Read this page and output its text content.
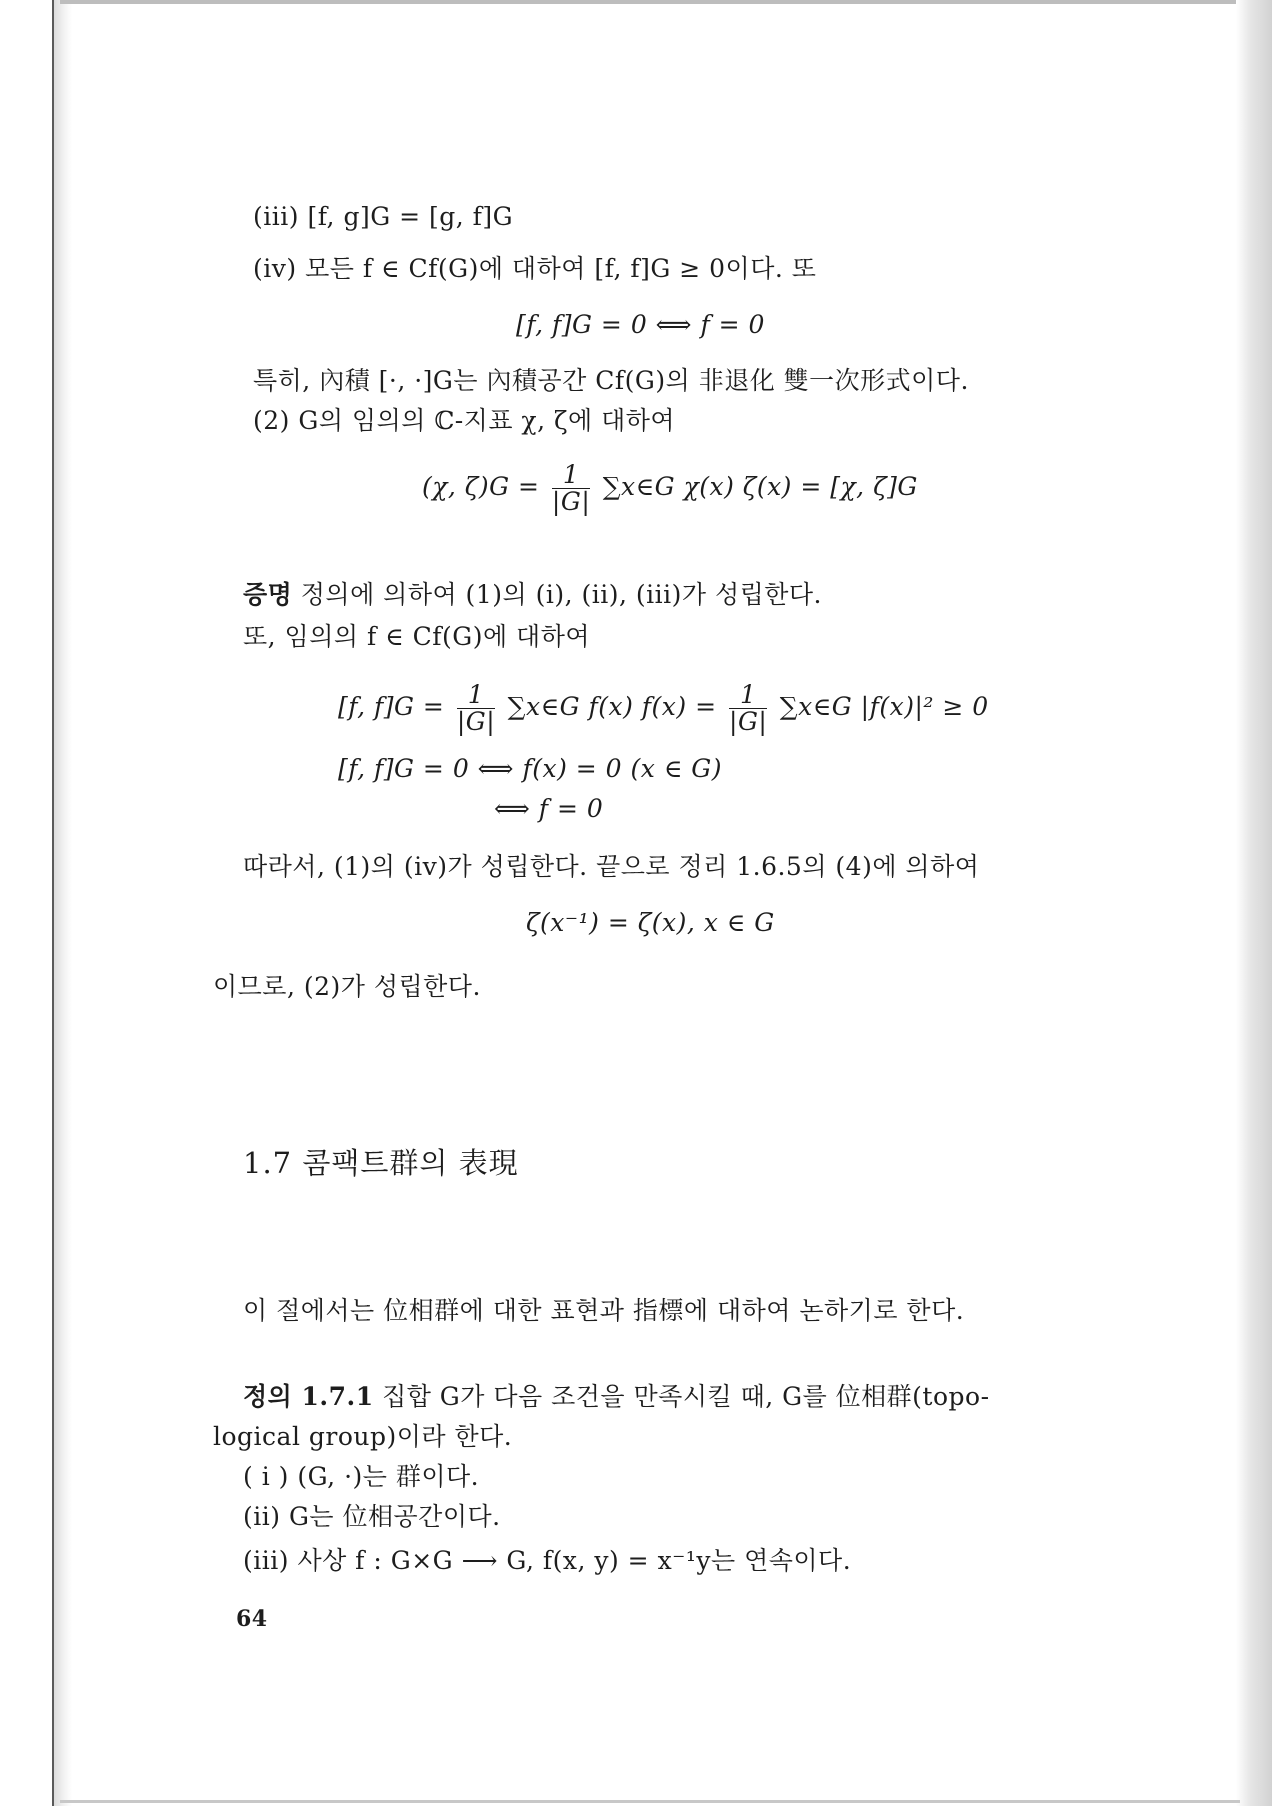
(iii) [f, g]G = [g, f]G
(iv) 모든 f ∈ Cf(G)에 대하여 [f, f]G ≥ 0이다. 또
[f, f]G = 0 ⟺ f = 0
특히, 內積 [·, ·]G는 內積공간 Cf(G)의 非退化 雙一次形式이다.
(2) G의 임의의 ℂ-지표 χ, ζ에 대하여
(χ, $\zeta)G = \frac{1}{|G|}$ ∑x∈G χ(x) ζ(x) = [χ, ζ]G
증명 정의에 의하여 (1)의 (i), (ii), (iii)가 성립한다.
또, 임의의 f ∈ Cf(G)에 대하여
[f, $f]G = \frac{1}{|G|}$ ∑x∈G f(x) $f(x) = \frac{1}{|G|}$ ∑x∈G |f(x)|² ≥ 0
[f, f]G = 0 ⟺ f(x) = 0 (x ∈ G)
⟺ f = 0
따라서, (1)의 (iv)가 성립한다. 끝으로 정리 1.6.5의 (4)에 의하여
ζ(x⁻¹) = ζ(x), x ∈ G
이므로, (2)가 성립한다.
1.7 콤팩트群의 表現
이 절에서는 位相群에 대한 표현과 指標에 대하여 논하기로 한다.
정의 1.7.1 집합 G가 다음 조건을 만족시킬 때, G를 位相群(topo-
logical group)이라 한다.
( i ) (G, ·)는 群이다.
(ii) G는 位相공간이다.
(iii) 사상 f : G×G ⟶ G, f(x, y) = x⁻¹y는 연속이다.
64
